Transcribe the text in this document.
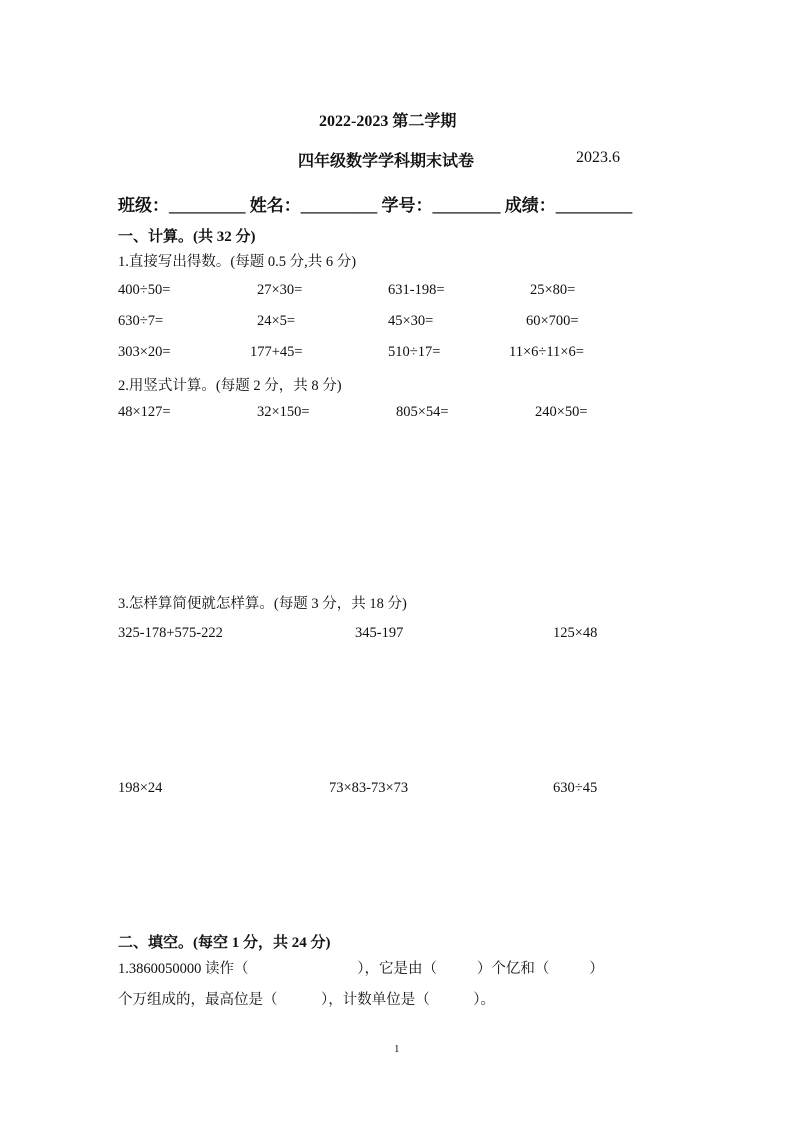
2022-2023 第二学期
四年级数学学科期末试卷	2023.6
班级：_________ 姓名：_________ 学号：________ 成绩：_________
一、计算。(共 32 分)
1.直接写出得数。(每题 0.5 分,共 6 分)
400÷50=	27×30=	631-198=	25×80=
630÷7=	24×5=	45×30=	60×700=
303×20=	177+45=	510÷17=	11×6÷11×6=
2.用竖式计算。(每题 2 分，共 8 分)
48×127=	32×150=	805×54=	240×50=
3.怎样算简便就怎样算。(每题 3 分，共 18 分)
325-178+575-222	345-197	125×48
198×24	73×83-73×73	630÷45
二、填空。(每空 1 分，共 24 分)
1.3860050000 读作（                              ），它是由（           ）个亿和（           ）
个万组成的，最高位是（            ），计数单位是（            ）。
1
